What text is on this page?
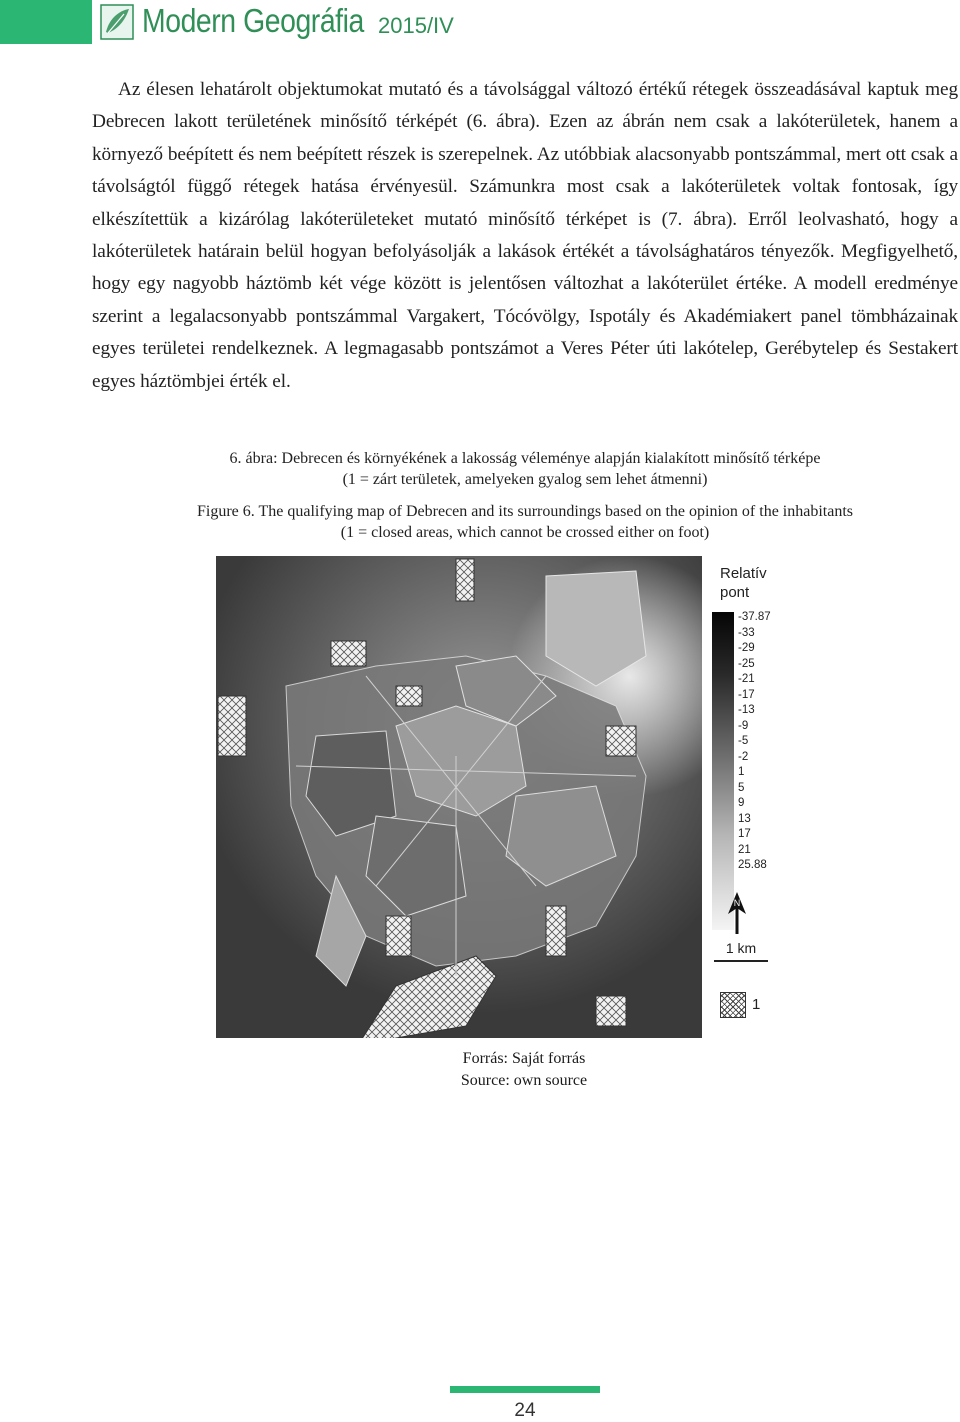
Modern Geográfia 2015/IV

Az élesen lehatárolt objektumokat mutató és a távolsággal változó értékű rétegek összeadásával kaptuk meg Debrecen lakott területének minősítő térképét (6. ábra). Ezen az ábrán nem csak a lakóterületek, hanem a környező beépített és nem beépített részek is szerepelnek. Az utóbbiak alacsonyabb pontszámmal, mert ott csak a távolságtól függő rétegek hatása érvényesül. Számunkra most csak a lakóterületek voltak fontosak, így elkészítettük a kizárólag lakóterületeket mutató minősítő térképet is (7. ábra). Erről leolvasható, hogy a lakóterületek határain belül hogyan befolyásolják a lakások értékét a távolsághatáros tényezők. Megfigyelhető, hogy egy nagyobb háztömb két vége között is jelentősen változhat a lakóterület értéke. A modell eredménye szerint a legalacsonyabb pontszámmal Vargakert, Tócóvölgy, Ispotály és Akadémiakert panel tömbházainak egyes területei rendelkeznek. A legmagasabb pontszámot a Veres Péter úti lakótelep, Gerébytelep és Sestakert egyes háztömbjei érték el.

6. ábra: Debrecen és környékének a lakosság véleménye alapján kialakított minősítő térképe
(1 = zárt területek, amelyeken gyalog sem lehet átmenni)
Figure 6. The qualifying map of Debrecen and its surroundings based on the opinion of the inhabitants
(1 = closed areas, which cannot be crossed either on foot)
Relatív
pont
-37.87
-33
-29
-25
-21
-17
-13
-9
-5
-2
1
5
9
13
17
21
25.88
N
1 km
1
Forrás: Saját forrás
Source: own source
24
